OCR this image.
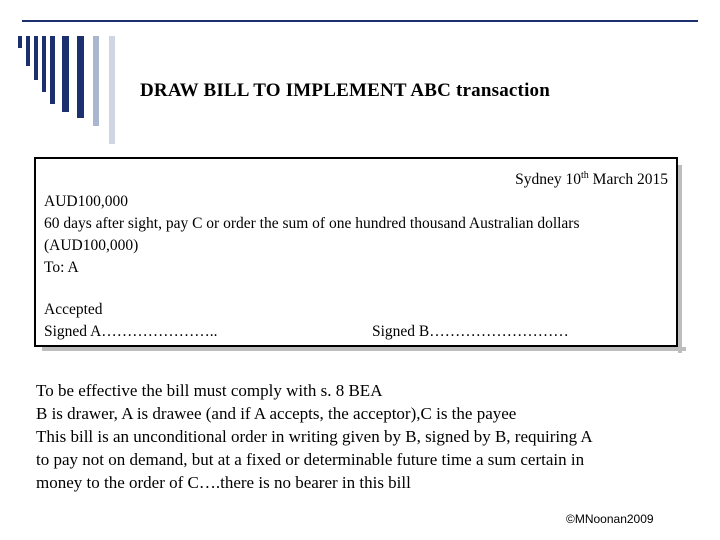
DRAW BILL TO IMPLEMENT ABC transaction
Sydney 10th March 2015
AUD100,000
60 days after sight, pay C or order the sum of one hundred thousand Australian dollars
(AUD100,000)
To: A
Accepted
Signed A…………………..	Signed B………………………
To be effective the bill must comply with s. 8 BEA
B is drawer, A is drawee (and if A accepts, the acceptor),C is the payee
This bill is an unconditional order in writing given by B, signed by B, requiring A
to pay not on demand, but at a fixed or determinable future time a sum certain in
money to the order of C….there is no bearer in this bill
©MNoonan2009
